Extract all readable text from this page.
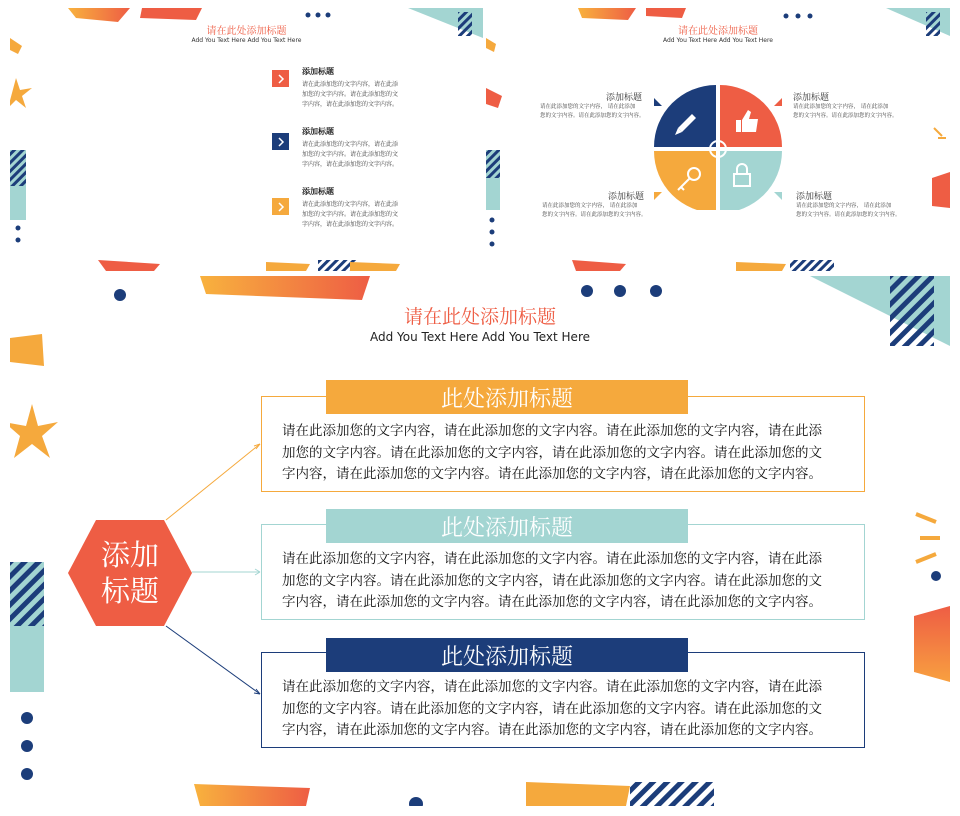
请在此处添加标题
Add You Text Here Add You Text Here
添加标题
请在此添加您的文字内容，请在此添
加您的文字内容。请在此添加您的文
字内容，请在此添加您的文字内容。
添加标题
请在此添加您的文字内容，请在此添
加您的文字内容。请在此添加您的文
字内容，请在此添加您的文字内容。
添加标题
请在此添加您的文字内容，请在此添
加您的文字内容。请在此添加您的文
字内容，请在此添加您的文字内容。
请在此处添加标题
Add You Text Here Add You Text Here
添加标题
请在此添加您的文字内容， 请在此添加
您的文字内容。请在此添加您的文字内容。
添加标题
请在此添加您的文字内容， 请在此添加
您的文字内容。请在此添加您的文字内容。
添加标题
请在此添加您的文字内容， 请在此添加
您的文字内容。请在此添加您的文字内容。
添加标题
请在此添加您的文字内容， 请在此添加
您的文字内容。请在此添加您的文字内容。
请在此处添加标题
Add You Text Here Add You Text Here
添加
标题
请在此添加您的文字内容，请在此添加您的文字内容。请在此添加您的文字内容，请在此添
加您的文字内容。请在此添加您的文字内容，请在此添加您的文字内容。请在此添加您的文
字内容，请在此添加您的文字内容。请在此添加您的文字内容，请在此添加您的文字内容。
此处添加标题
请在此添加您的文字内容，请在此添加您的文字内容。请在此添加您的文字内容，请在此添
加您的文字内容。请在此添加您的文字内容，请在此添加您的文字内容。请在此添加您的文
字内容，请在此添加您的文字内容。请在此添加您的文字内容，请在此添加您的文字内容。
此处添加标题
请在此添加您的文字内容，请在此添加您的文字内容。请在此添加您的文字内容，请在此添
加您的文字内容。请在此添加您的文字内容，请在此添加您的文字内容。请在此添加您的文
字内容，请在此添加您的文字内容。请在此添加您的文字内容，请在此添加您的文字内容。
此处添加标题
